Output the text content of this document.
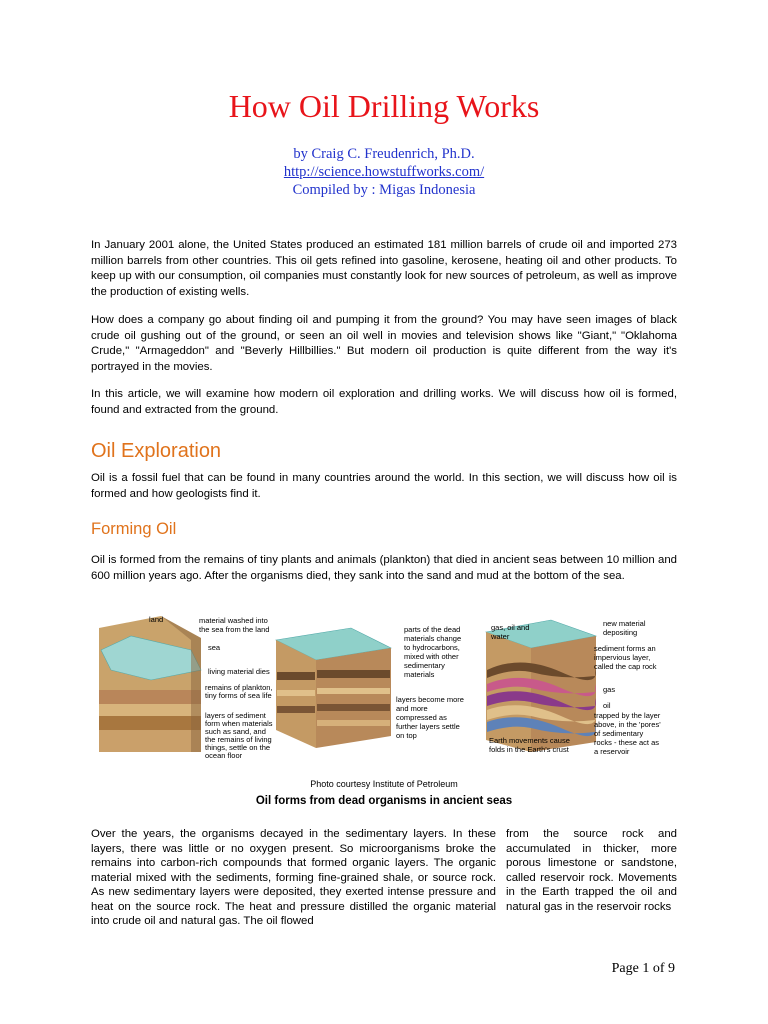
How Oil Drilling Works
by Craig C. Freudenrich, Ph.D.
http://science.howstuffworks.com/
Compiled by : Migas Indonesia

In January 2001 alone, the United States produced an estimated 181 million barrels of crude oil and imported 273 million barrels from other countries. This oil gets refined into gasoline, kerosene, heating oil and other products. To keep up with our consumption, oil companies must constantly look for new sources of petroleum, as well as improve the production of existing wells.

How does a company go about finding oil and pumping it from the ground? You may have seen images of black crude oil gushing out of the ground, or seen an oil well in movies and television shows like "Giant," "Oklahoma Crude," "Armageddon" and "Beverly Hillbillies." But modern oil production is quite different from the way it's portrayed in the movies.

In this article, we will examine how modern oil exploration and drilling works. We will discuss how oil is formed, found and extracted from the ground.

Oil Exploration

Oil is a fossil fuel that can be found in many countries around the world. In this section, we will discuss how oil is formed and how geologists find it.

Forming Oil

Oil is formed from the remains of tiny plants and animals (plankton) that died in ancient seas between 10 million and 600 million years ago. After the organisms died, they sank into the sand and mud at the bottom of the sea.

land	material washed into
the sea from the land
sea
living material dies
remains of plankton,
tiny forms of sea life
layers of sediment
form when materials
such as sand, and
the remains of living
things, settle on the
ocean floor
parts of the dead
materials change
to hydrocarbons,
mixed with other
sedimentary
materials
layers become more
and more
compressed as
further layers settle
on top
new material
depositing
sediment forms an
impervious layer,
called the cap rock
gas, oil and
water
gas
oil
trapped by the layer
above, in the 'pores'
of sedimentary
rocks - these act as
a reservoir
Earth movements cause
folds in the Earth's crust
Photo courtesy Institute of Petroleum
Oil forms from dead organisms in ancient seas

Over the years, the organisms decayed in the sedimentary layers. In these layers, there was little or no oxygen present. So microorganisms broke the remains into carbon-rich compounds that formed organic layers. The organic material mixed with the sediments, forming fine-grained shale, or source rock. As new sedimentary layers were deposited, they exerted intense pressure and heat on the source rock. The heat and pressure distilled the organic material into crude oil and natural gas. The oil flowed

from the source rock and accumulated in thicker, more porous limestone or sandstone, called reservoir rock. Movements in the Earth trapped the oil and natural gas in the reservoir rocks

Page 1 of 9
